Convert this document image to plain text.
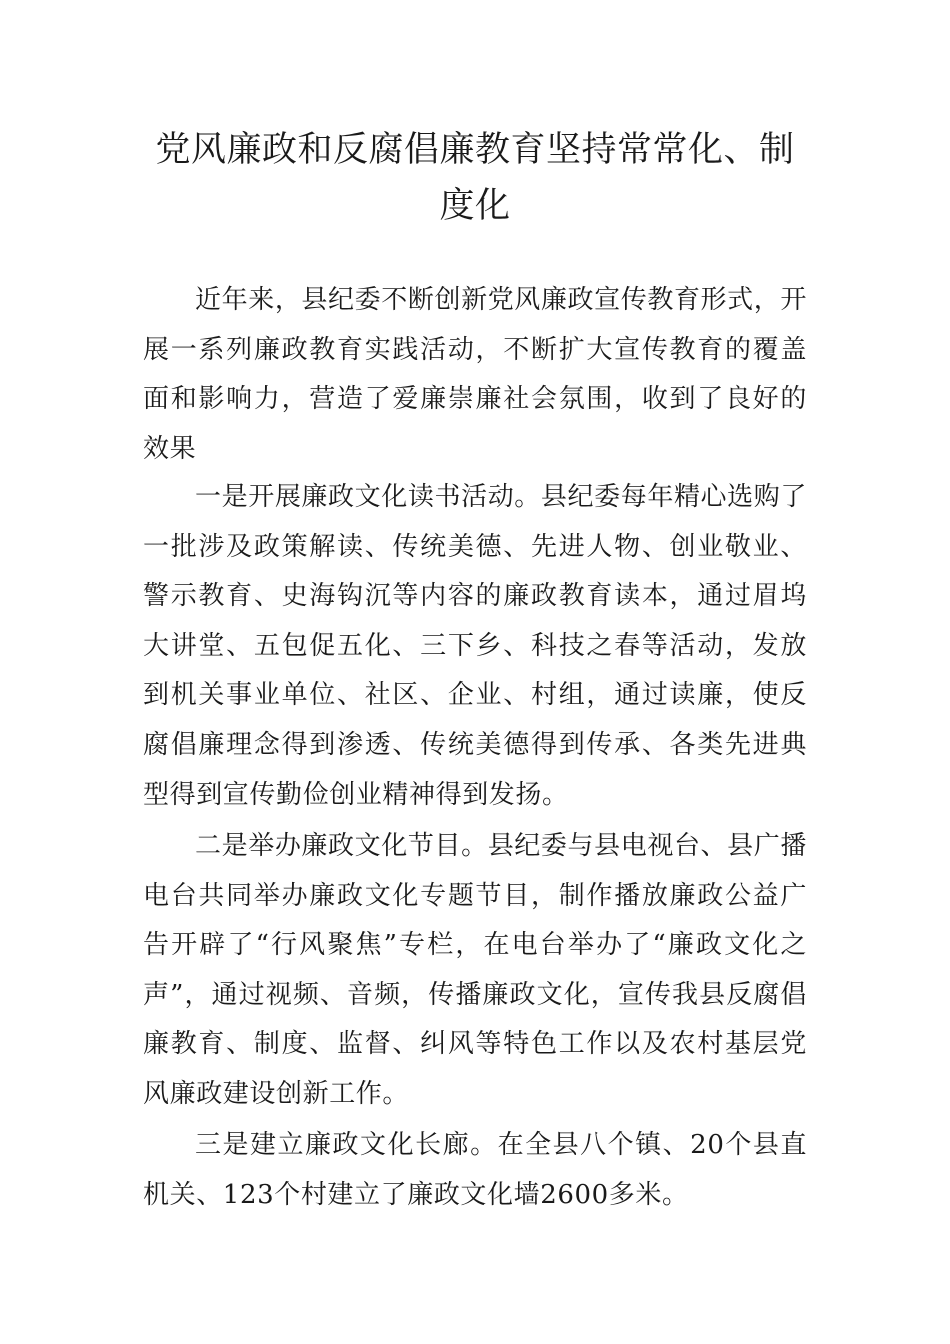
党风廉政和反腐倡廉教育坚持常常化、制度化

近年来，县纪委不断创新党风廉政宣传教育形式，开展一系列廉政教育实践活动，不断扩大宣传教育的覆盖面和影响力，营造了爱廉崇廉社会氛围，收到了良好的效果

一是开展廉政文化读书活动。县纪委每年精心选购了一批涉及政策解读、传统美德、先进人物、创业敬业、警示教育、史海钩沉等内容的廉政教育读本，通过眉坞大讲堂、五包促五化、三下乡、科技之春等活动，发放到机关事业单位、社区、企业、村组，通过读廉，使反腐倡廉理念得到渗透、传统美德得到传承、各类先进典型得到宣传勤俭创业精神得到发扬。

二是举办廉政文化节目。县纪委与县电视台、县广播电台共同举办廉政文化专题节目，制作播放廉政公益广告开辟了“行风聚焦”专栏，在电台举办了“廉政文化之声”，通过视频、音频，传播廉政文化，宣传我县反腐倡廉教育、制度、监督、纠风等特色工作以及农村基层党风廉政建设创新工作。

三是建立廉政文化长廊。在全县八个镇、20个县直机关、123个村建立了廉政文化墙2600多米。
